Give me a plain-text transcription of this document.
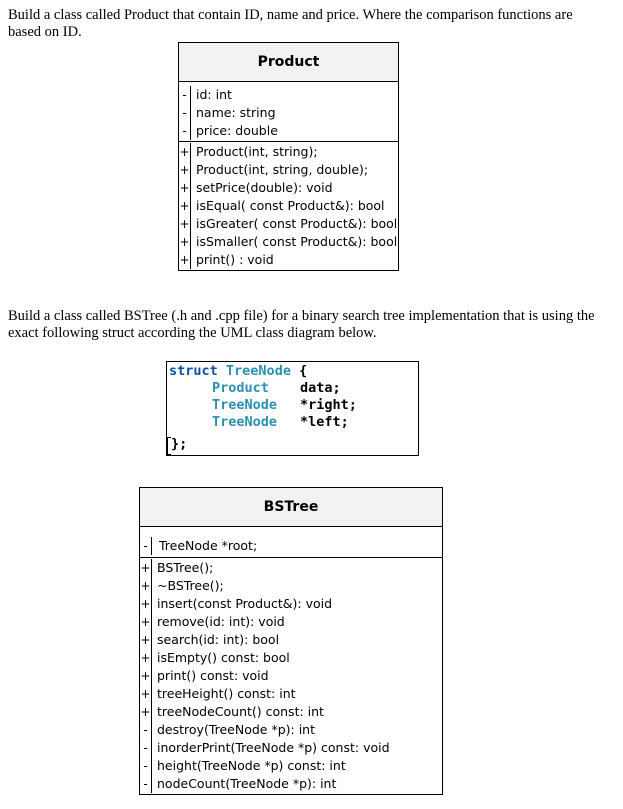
Build a class called Product that contain ID, name and price. Where the comparison functions are based on ID.

Product
- id: int
- name: string
- price: double
+ Product(int, string);
+ Product(int, string, double);
+ setPrice(double): void
+ isEqual( const Product&): bool
+ isGreater( const Product&): bool
+ isSmaller( const Product&): bool
+ print() : void

Build a class called BSTree (.h and .cpp file) for a binary search tree implementation that is using the exact following struct according the UML class diagram below.

struct TreeNode {
Product data;
TreeNode *right;
TreeNode *left;
};
BSTree
- TreeNode *root;
+ BSTree();
+ ~BSTree();
+ insert(const Product&): void
+ remove(id: int): void
+ search(id: int): bool
+ isEmpty() const: bool
+ print() const: void
+ treeHeight() const: int
+ treeNodeCount() const: int
- destroy(TreeNode *p): int
- inorderPrint(TreeNode *p) const: void
- height(TreeNode *p) const: int
- nodeCount(TreeNode *p): int
